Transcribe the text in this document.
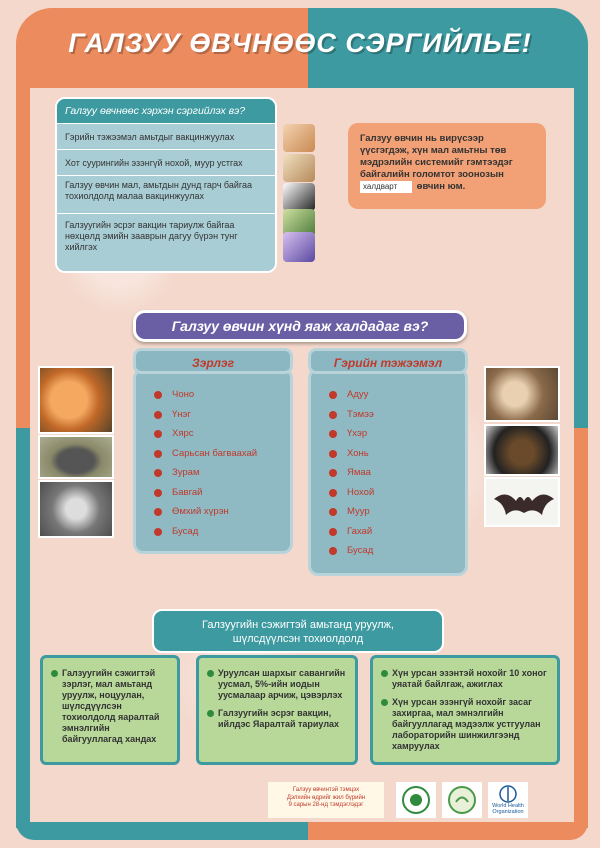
ГАЛЗУУ ӨВЧНӨӨС СЭРГИЙЛЬЕ!
Галзуу өвчнөөс хэрхэн сэргийлэх вэ?
Гэрийн тэжээмэл амьтдыг вакцинжуулах
Хот суурингийн эзэнгүй нохой, муур устгах
Галзуу өвчин мал, амьтдын дунд гарч байгаа тохиолдолд малаа вакцинжуулах
Галзуугийн эсрэг вакцин тариулж байгаа нөхцөлд эмийн зааврын дагуу бүрэн тунг хийлгэх
Галзуу өвчин нь вирүсээр үүсгэгдэж, хүн мал амьтны төв мэдрэлийн системийг гэмтээдэг байгалийн голомтот зоонозын халдварт өвчин юм.
Галзуу өвчин хүнд яаж халдадаг вэ?
Чоно
Үнэг
Хярс
Сарьсан багваахай
Зурам
Бавгай
Өмхий хүрэн
Бусад
Зэрлэг
Адуу
Тэмээ
Үхэр
Хонь
Ямаа
Нохой
Муур
Гахай
Бусад
Гэрийн тэжээмэл
Галзуугийн сэжигтэй амьтанд уруулж,
шүлсдүүлсэн тохиолдолд

Галзуугийн сэжигтэй зэрлэг, мал амьтанд уруулж, ноцуулан, шүлсдүүлсэн тохиолдолд яаралтай эмнэлгийн байгууллагад хандах

Уруулсан шархыг савангийн уусмал, 5%-ийн иодын уусмалаар арчиж, цэвэрлэх

Галзуугийн эсрэг вакцин, ийлдэс Яаралтай тариулах

Хүн урсан эзэнтэй нохойг 10 хоног уяатай байлгаж, ажиглах

Хүн урсан эзэнгүй нохойг засаг захиргаа, мал эмнэлгийн байгууллагад мэдээлж устгуулан лабораторийн шинжилгээнд хамруулах

Галзуу өвчинтэй тэмцэх
Дэлхийн өдрийг жил бүрийн
9 сарын 28-нд тэмдэглэдэг	World Health Organization
